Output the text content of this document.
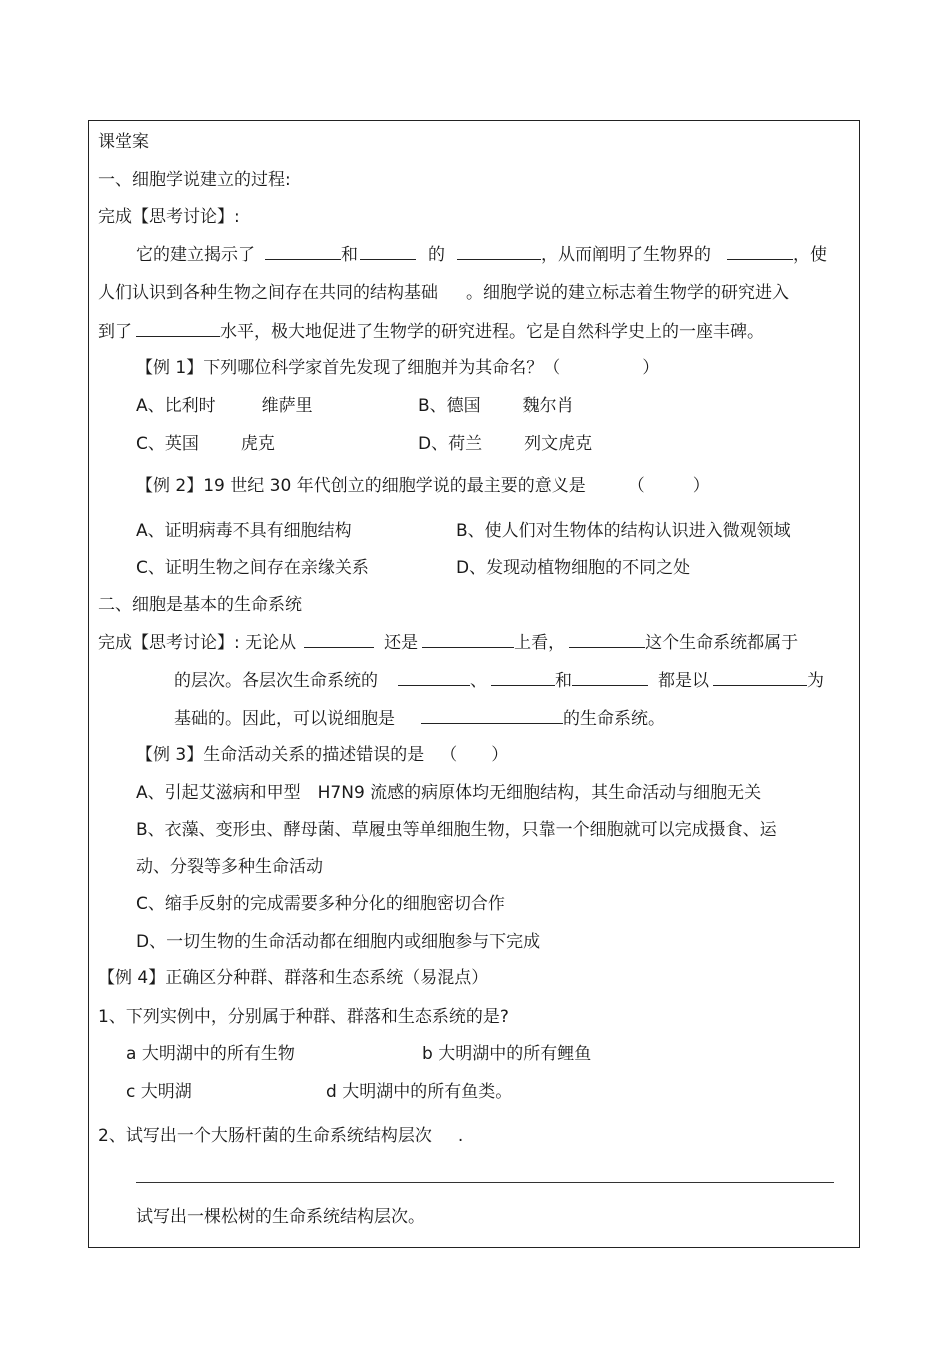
课堂案
一、细胞学说建立的过程:
完成【思考讨论】:
它的建立揭示了	和	的	，从而阐明了生物界的	，使
人们认识到各种生物之间存在共同的结构基础 。细胞学说的建立标志着生物学的研究进入
到了	水平，极大地促进了生物学的研究进程。它是自然科学史上的一座丰碑。
【例 1】下列哪位科学家首先发现了细胞并为其命名？（	）
A、比利时	维萨里	B、德国 魏尔肖
C、英国 虎克	D、荷兰 列文虎克
【例 2】19 世纪 30 年代创立的细胞学说的最主要的意义是 （	）
A、证明病毒不具有细胞结构	B、使人们对生物体的结构认识进入微观领域
C、证明生物之间存在亲缘关系	D、发现动植物细胞的不同之处
二、细胞是基本的生命系统
完成【思考讨论】: 无论从	还是	上看，	这个生命系统都属于
的层次。各层次生命系统的	、	和	都是以	为
基础的。因此，可以说细胞是	的生命系统。
【例 3】生命活动关系的描述错误的是 （ ）
A、引起艾滋病和甲型　H7N9 流感的病原体均无细胞结构，其生命活动与细胞无关
B、衣藻、变形虫、酵母菌、草履虫等单细胞生物，只靠一个细胞就可以完成摄食、运
动、分裂等多种生命活动
C、缩手反射的完成需要多种分化的细胞密切合作
D、一切生物的生命活动都在细胞内或细胞参与下完成
【例 4】正确区分种群、群落和生态系统（易混点）
1、下列实例中，分别属于种群、群落和生态系统的是?
a 大明湖中的所有生物	b 大明湖中的所有鲤鱼
c 大明湖	d 大明湖中的所有鱼类。
2、试写出一个大肠杆菌的生命系统结构层次 .
试写出一棵松树的生命系统结构层次。
